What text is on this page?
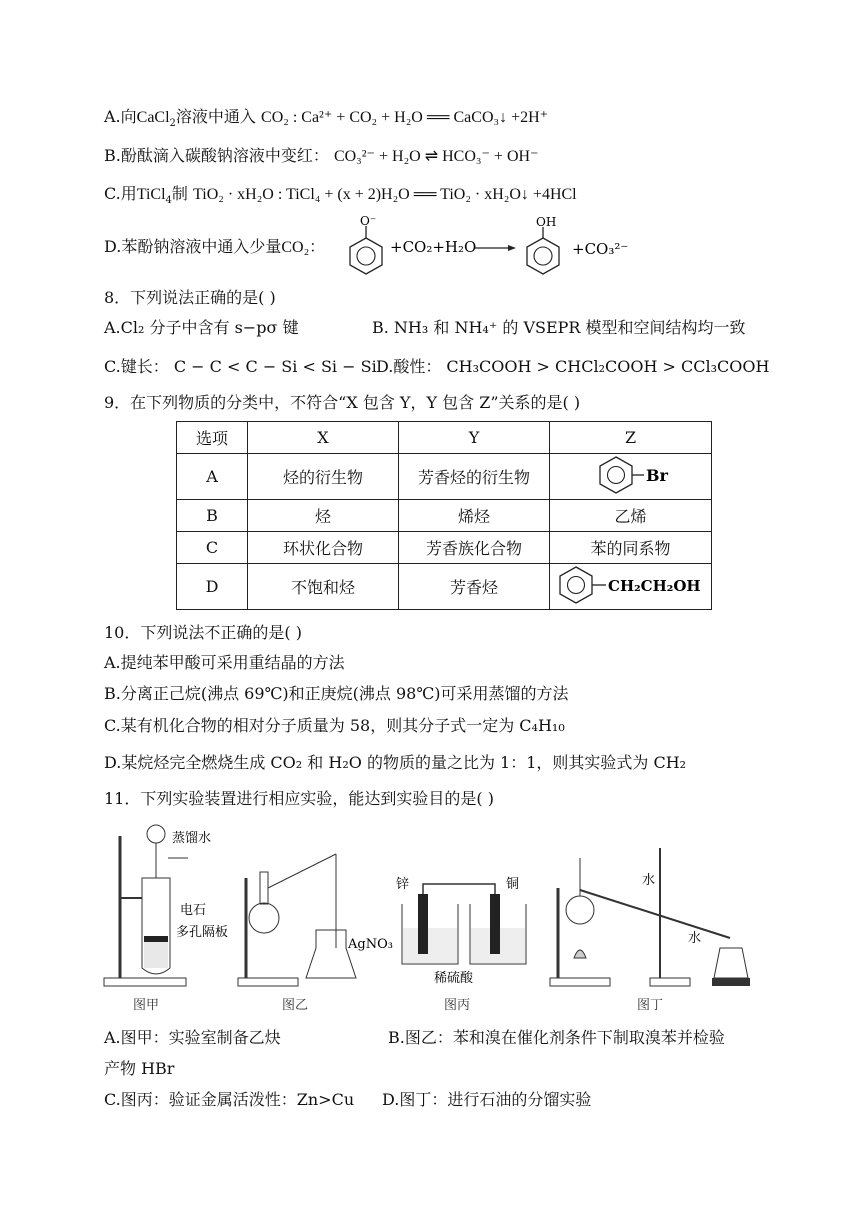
A.向CaCl$_2$溶液中通入 CO₂ : Ca²⁺ + CO₂ + H₂O ══ CaCO₃↓ +2H⁺
B.酚酞滴入碳酸钠溶液中变红： CO₃²⁻ + H₂O ⇌ HCO₃⁻ + OH⁻
C.用TiCl$_4$制 TiO₂ · xH₂O : TiCl₄ + (x + 2)H₂O ══ TiO₂ · xH₂O↓ +4HCl
D.苯酚钠溶液中通入少量CO₂：
O⁻
+CO₂+H₂O
OH
+CO₃²⁻
8．下列说法正确的是( )
A.Cl₂ 分子中含有 s−pσ 键	B. NH₃ 和 NH₄⁺ 的 VSEPR 模型和空间结构均一致
C.键长： C − C < C − Si < Si − Si D.酸性： CH₃COOH > CHCl₂COOH > CCl₃COOH
9．在下列物质的分类中，不符合“X 包含 Y，Y 包含 Z”关系的是( )
选项	X	Y	Z
A	烃的衍生物	芳香烃的衍生物	Br

B	烃	烯烃	乙烯
C	环状化合物	芳香族化合物	苯的同系物
D	不饱和烃	芳香烃	CH₂CH₂OH
10．下列说法不正确的是( )
A.提纯苯甲酸可采用重结晶的方法
B.分离正己烷(沸点 69℃)和正庚烷(沸点 98℃)可采用蒸馏的方法
C.某有机化合物的相对分子质量为 58，则其分子式一定为 C₄H₁₀
D.某烷烃完全燃烧生成 CO₂ 和 H₂O 的物质的量之比为 1：1，则其实验式为 CH₂
11．下列实验装置进行相应实验，能达到实验目的是( )
蒸馏水
电石
多孔隔板
图甲
AgNO₃
图乙
锌	铜
稀硫酸
图丙
水
水
图丁
A.图甲：实验室制备乙炔	B.图乙：苯和溴在催化剂条件下制取溴苯并检验
产物 HBr
C.图丙：验证金属活泼性：Zn>Cu D.图丁：进行石油的分馏实验
